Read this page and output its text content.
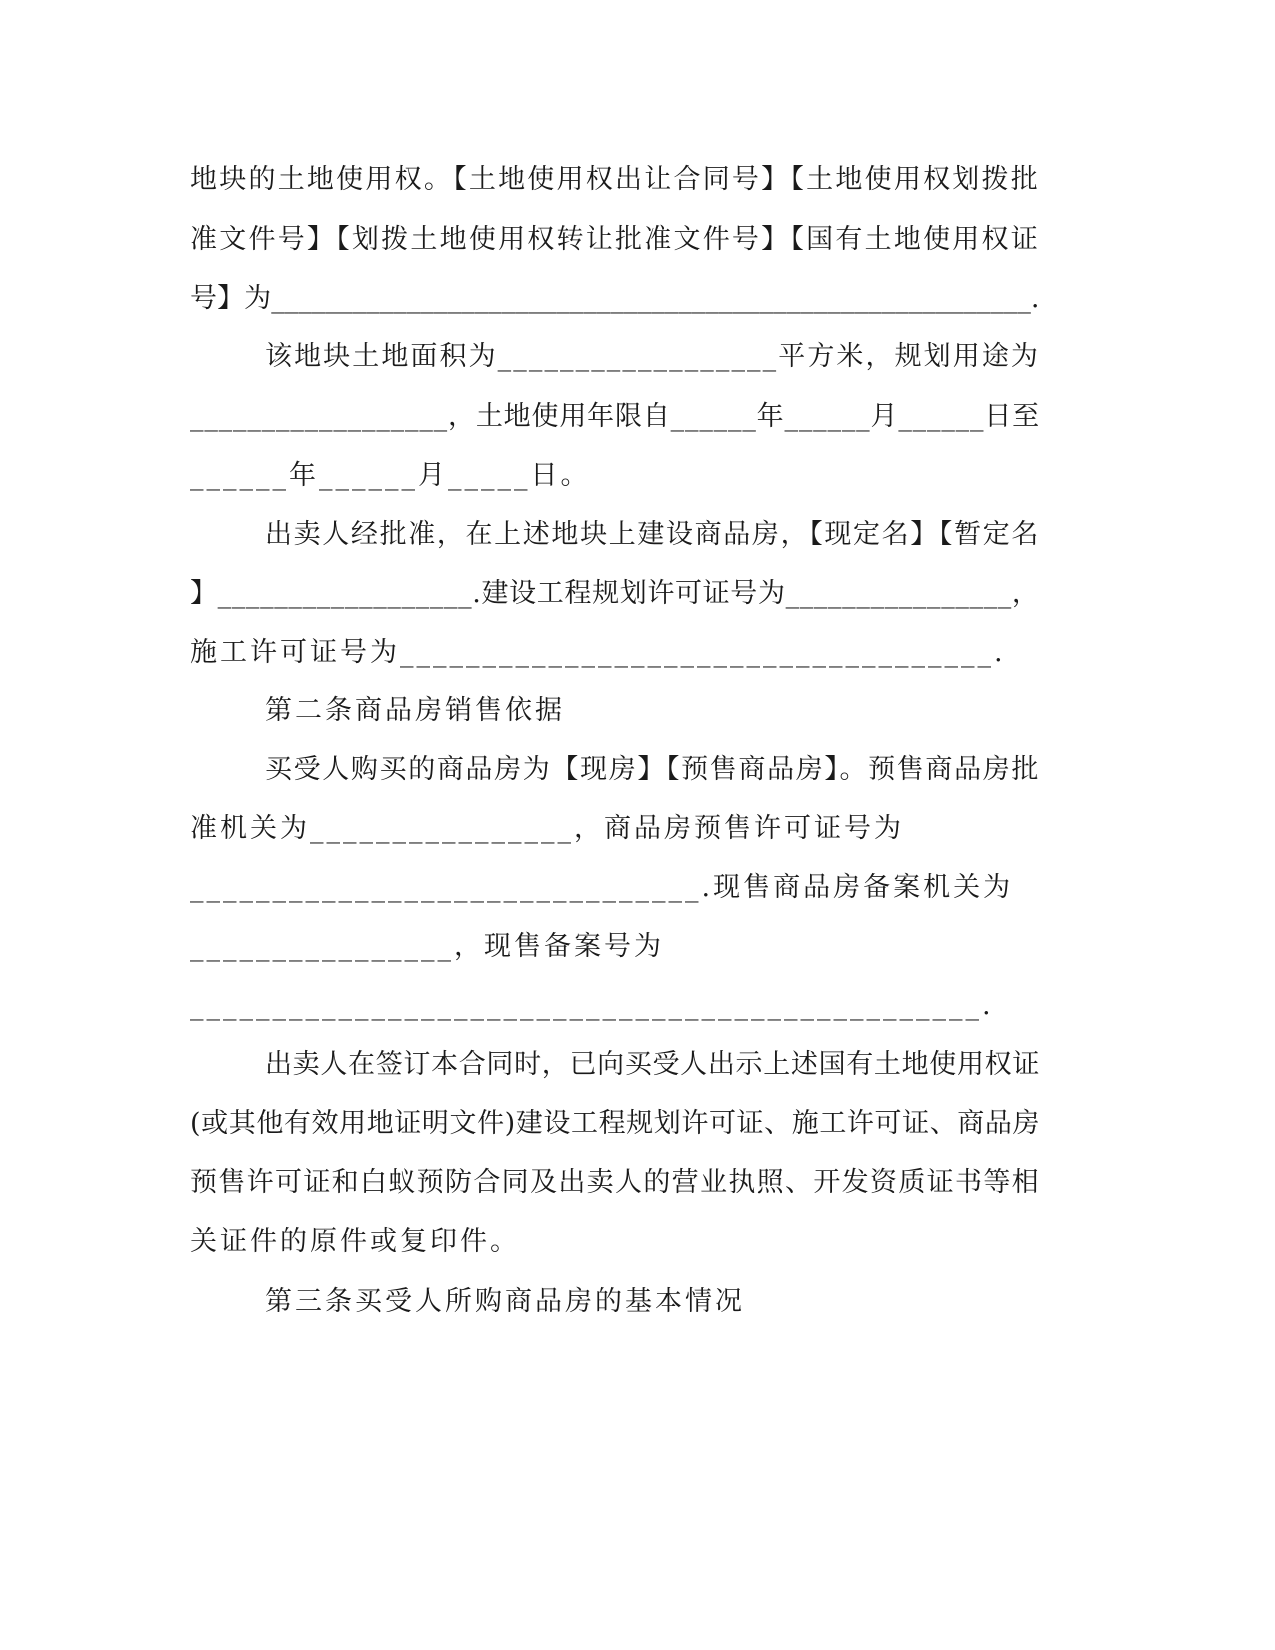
地块的土地使用权。【土地使用权出让合同号】【土地使用权划拨批
准文件号】【划拨土地使用权转让批准文件号】【国有土地使用权证
号】为________________________________________________________.
该地块土地面积为__________________平方米，规划用途为
__________________，土地使用年限自______年______月______日至
______年______月_____日。
出卖人经批准，在上述地块上建设商品房，【现定名】【暂定名
】__________________.建设工程规划许可证号为________________，
施工许可证号为____________________________________.
第二条商品房销售依据
买受人购买的商品房为【现房】【预售商品房】。预售商品房批
准机关为________________，商品房预售许可证号为
_______________________________.现售商品房备案机关为
________________，现售备案号为
________________________________________________.
出卖人在签订本合同时，已向买受人出示上述国有土地使用权证
(或其他有效用地证明文件)建设工程规划许可证、施工许可证、商品房
预售许可证和白蚁预防合同及出卖人的营业执照、开发资质证书等相
关证件的原件或复印件。
第三条买受人所购商品房的基本情况
